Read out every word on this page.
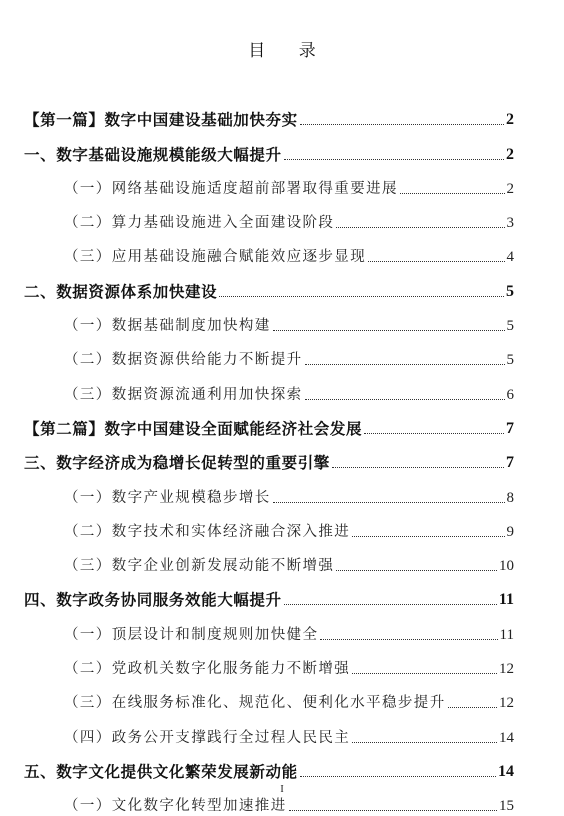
目 录
【第一篇】数字中国建设基础加快夯实	2
一、数字基础设施规模能级大幅提升	2
（一）网络基础设施适度超前部署取得重要进展	2
（二）算力基础设施进入全面建设阶段	3
（三）应用基础设施融合赋能效应逐步显现	4
二、数据资源体系加快建设	5
（一）数据基础制度加快构建	5
（二）数据资源供给能力不断提升	5
（三）数据资源流通利用加快探索	6
【第二篇】数字中国建设全面赋能经济社会发展	7
三、数字经济成为稳增长促转型的重要引擎	7
（一）数字产业规模稳步增长	8
（二）数字技术和实体经济融合深入推进	9
（三）数字企业创新发展动能不断增强	10
四、数字政务协同服务效能大幅提升	11
（一）顶层设计和制度规则加快健全	11
（二）党政机关数字化服务能力不断增强	12
（三）在线服务标准化、规范化、便利化水平稳步提升	12
（四）政务公开支撑践行全过程人民民主	14
五、数字文化提供文化繁荣发展新动能	14
（一）文化数字化转型加速推进	15
I
